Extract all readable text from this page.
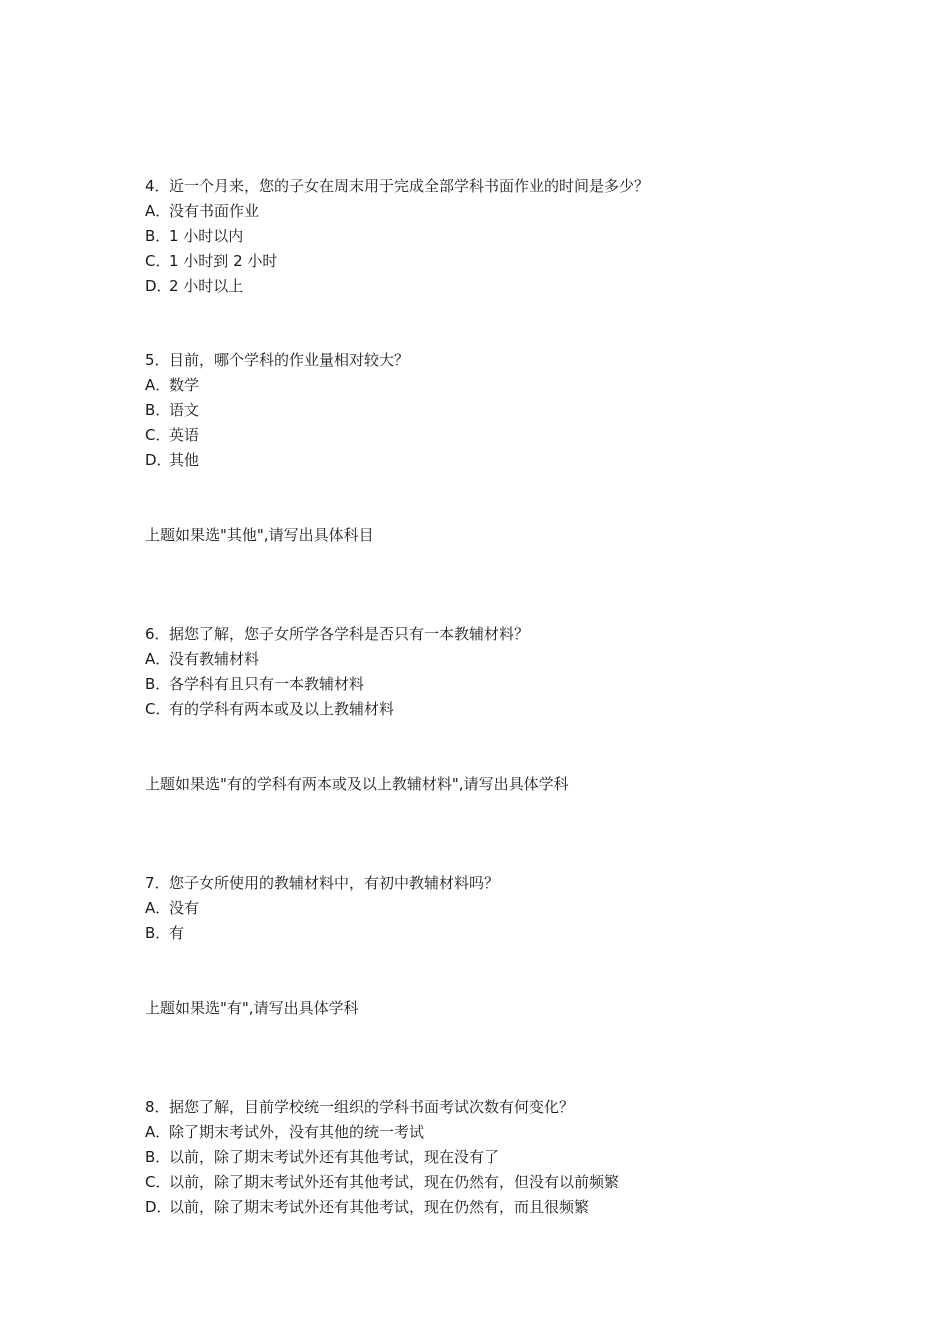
4．近一个月来，您的子女在周末用于完成全部学科书面作业的时间是多少？
A．没有书面作业
B．1 小时以内
C．1 小时到 2 小时
D．2 小时以上
5．目前，哪个学科的作业量相对较大？
A．数学
B．语文
C．英语
D．其他
上题如果选"其他",请写出具体科目
6．据您了解，您子女所学各学科是否只有一本教辅材料？
A．没有教辅材料
B．各学科有且只有一本教辅材料
C．有的学科有两本或及以上教辅材料
上题如果选"有的学科有两本或及以上教辅材料",请写出具体学科
7．您子女所使用的教辅材料中，有初中教辅材料吗？
A．没有
B．有
上题如果选"有",请写出具体学科
8．据您了解，目前学校统一组织的学科书面考试次数有何变化？
A．除了期末考试外，没有其他的统一考试
B．以前，除了期末考试外还有其他考试，现在没有了
C．以前，除了期末考试外还有其他考试，现在仍然有，但没有以前频繁
D．以前，除了期末考试外还有其他考试，现在仍然有，而且很频繁
